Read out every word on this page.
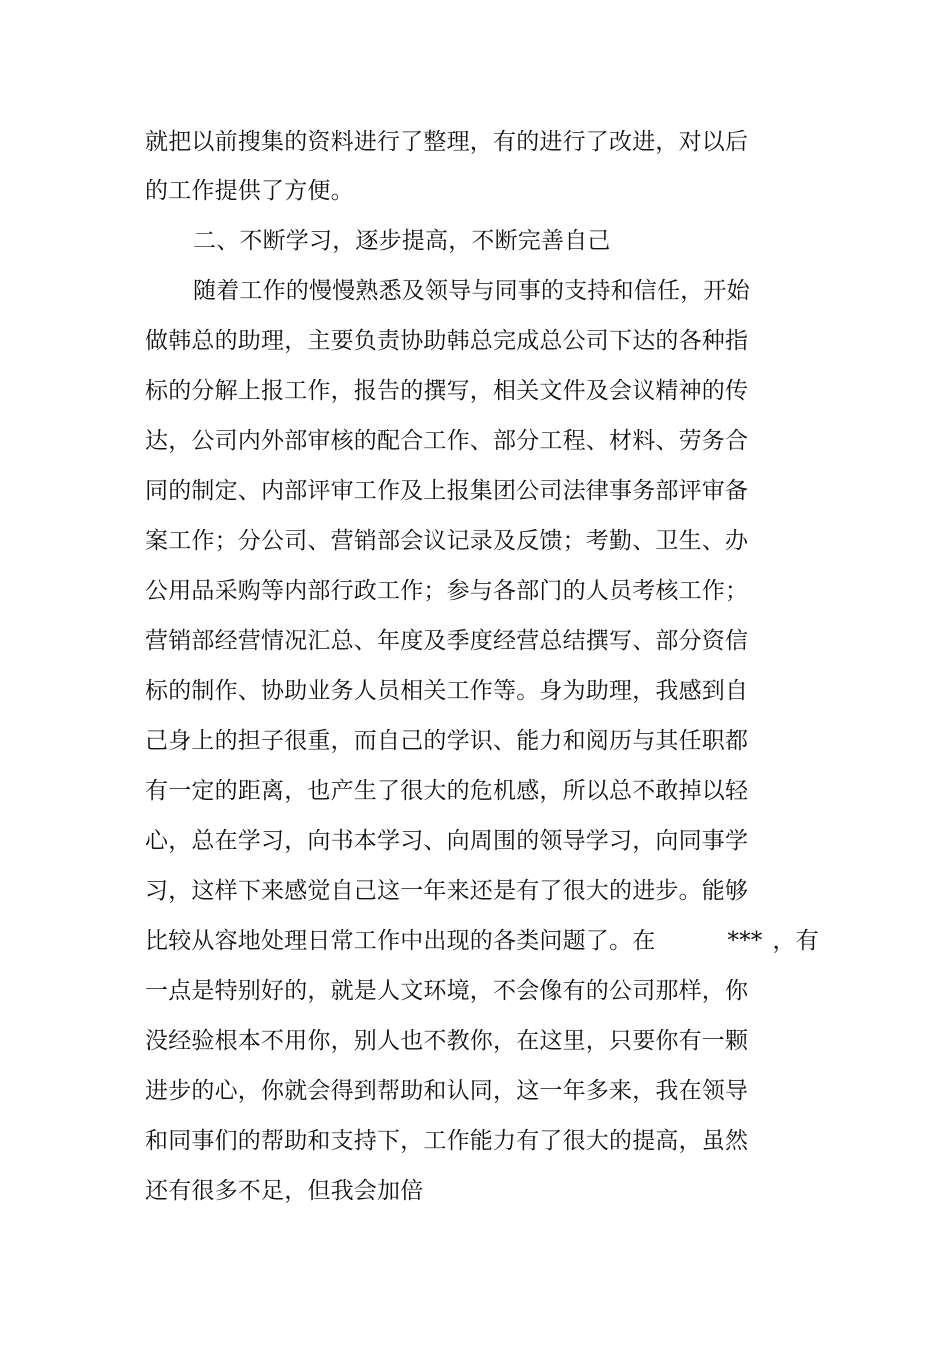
就把以前搜集的资料进行了整理，有的进行了改进，对以后
的工作提供了方便。
二、不断学习，逐步提高，不断完善自己
随着工作的慢慢熟悉及领导与同事的支持和信任，开始
做韩总的助理，主要负责协助韩总完成总公司下达的各种指
标的分解上报工作，报告的撰写，相关文件及会议精神的传
达，公司内外部审核的配合工作、部分工程、材料、劳务合
同的制定、内部评审工作及上报集团公司法律事务部评审备
案工作；分公司、营销部会议记录及反馈；考勤、卫生、办
公用品采购等内部行政工作；参与各部门的人员考核工作；
营销部经营情况汇总、年度及季度经营总结撰写、部分资信
标的制作、协助业务人员相关工作等。身为助理，我感到自
己身上的担子很重，而自己的学识、能力和阅历与其任职都
有一定的距离，也产生了很大的危机感，所以总不敢掉以轻
心，总在学习，向书本学习、向周围的领导学习，向同事学
习，这样下来感觉自己这一年来还是有了很大的进步。能够
比较从容地处理日常工作中出现的各类问题了。在	*** ，有
一点是特别好的，就是人文环境，不会像有的公司那样，你
没经验根本不用你，别人也不教你，在这里，只要你有一颗
进步的心，你就会得到帮助和认同，这一年多来，我在领导
和同事们的帮助和支持下，工作能力有了很大的提高，虽然
还有很多不足，但我会加倍
